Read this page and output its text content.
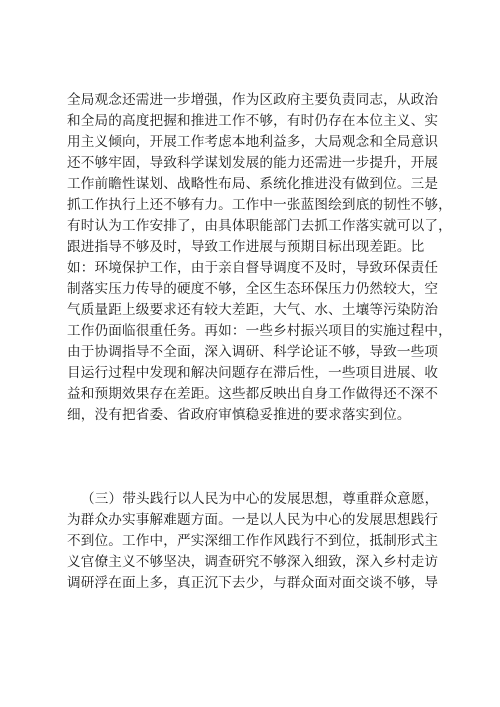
全局观念还需进一步增强，作为区政府主要负责同志，从政治
和全局的高度把握和推进工作不够，有时仍存在本位主义、实
用主义倾向，开展工作考虑本地利益多，大局观念和全局意识
还不够牢固，导致科学谋划发展的能力还需进一步提升，开展
工作前瞻性谋划、战略性布局、系统化推进没有做到位。三是
抓工作执行上还不够有力。工作中一张蓝图绘到底的韧性不够，
有时认为工作安排了，由具体职能部门去抓工作落实就可以了，
跟进指导不够及时，导致工作进展与预期目标出现差距。比
如：环境保护工作，由于亲自督导调度不及时，导致环保责任
制落实压力传导的硬度不够，全区生态环保压力仍然较大，空
气质量距上级要求还有较大差距，大气、水、土壤等污染防治
工作仍面临很重任务。再如：一些乡村振兴项目的实施过程中，
由于协调指导不全面，深入调研、科学论证不够，导致一些项
目运行过程中发现和解决问题存在滞后性，一些项目进展、收
益和预期效果存在差距。这些都反映出自身工作做得还不深不
细，没有把省委、省政府审慎稳妥推进的要求落实到位。
（三）带头践行以人民为中心的发展思想，尊重群众意愿，
为群众办实事解难题方面。一是以人民为中心的发展思想践行
不到位。工作中，严实深细工作作风践行不到位，抵制形式主
义官僚主义不够坚决，调查研究不够深入细致，深入乡村走访
调研浮在面上多，真正沉下去少，与群众面对面交谈不够，导
